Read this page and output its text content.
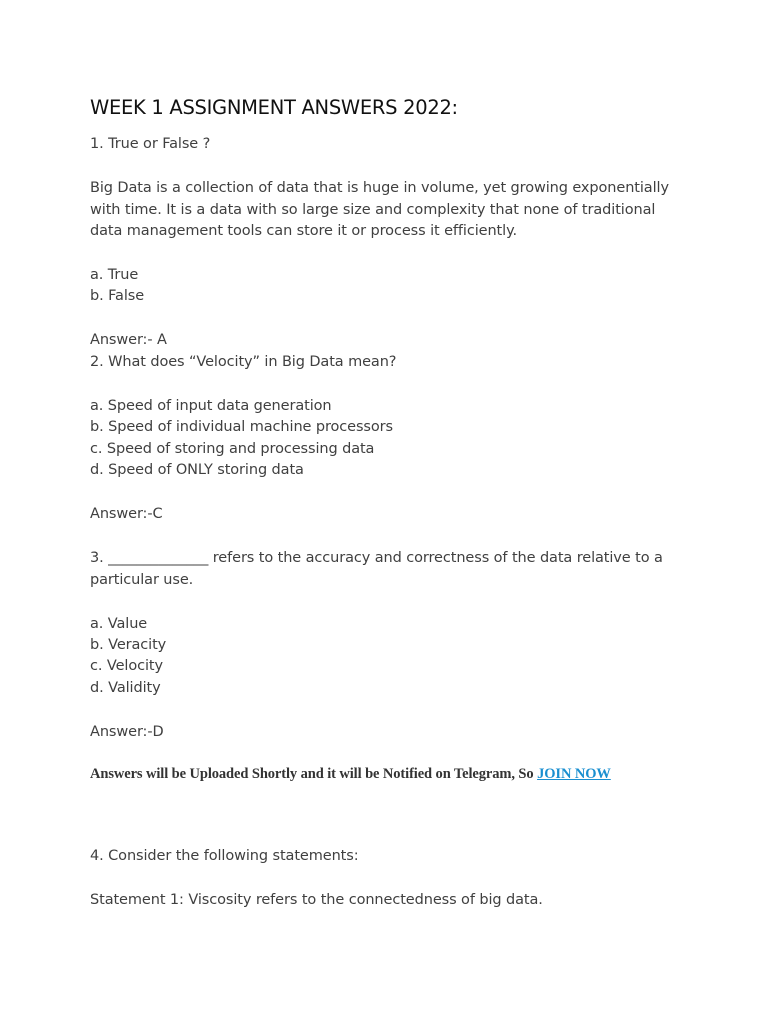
WEEK 1 ASSIGNMENT ANSWERS 2022:
1. True or False ?
Big Data is a collection of data that is huge in volume, yet growing exponentially with time. It is a data with so large size and complexity that none of traditional data management tools can store it or process it efficiently.
a. True
b. False
Answer:- A
2. What does “Velocity” in Big Data mean?
a. Speed of input data generation
b. Speed of individual machine processors
c. Speed of storing and processing data
d. Speed of ONLY storing data
Answer:-C
3. ______________ refers to the accuracy and correctness of the data relative to a particular use.
a. Value
b. Veracity
c. Velocity
d. Validity
Answer:-D
Answers will be Uploaded Shortly and it will be Notified on Telegram, So JOIN NOW
4. Consider the following statements:
Statement 1: Viscosity refers to the connectedness of big data.
